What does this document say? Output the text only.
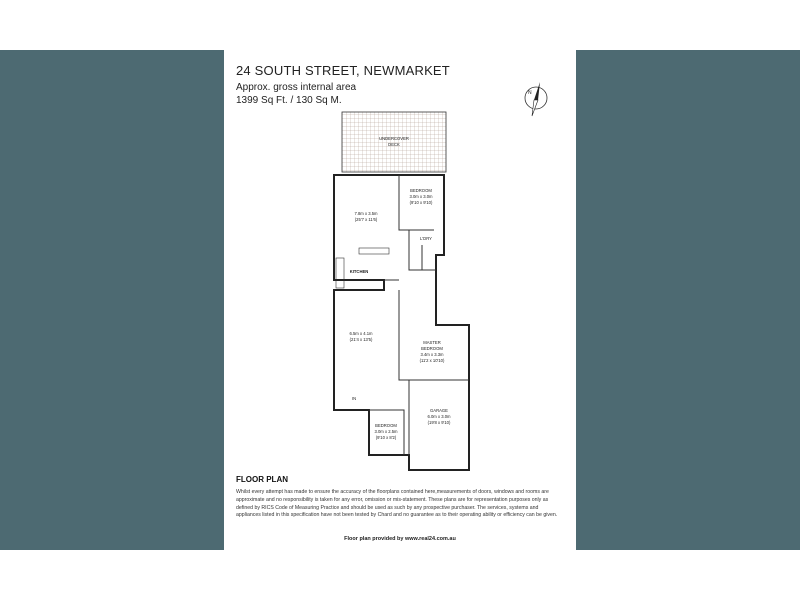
24 SOUTH STREET, NEWMARKET
Approx. gross internal area
1399 Sq Ft. / 130 Sq M.
N
UNDERCOVER
DECK
BEDROOM
3.0m x 3.0m
(9'10 x 9'10)
7.8m x 3.5m
(25'7 x 11'6)
L'DRY
KITCHEN
6.5m x 4.1m
(21'4 x 13'5)
MASTER
BEDROOM
3.4m x 3.3m
(11'2 x 10'10)
IN
BEDROOM
3.0m x 2.5m
(9'10 x 8'2)
GARAGE
6.0m x 3.0m
(19'8 x 9'10)
FLOOR PLAN
Whilst every attempt has made to ensure the accuracy of the floorplans contained here,measurements of doors, windows and rooms are approximate and no responsibility is taken for any error, omission or mis-statement. These plans are for representation purposes only as defined by RICS Code of Measuring Practice and should be used as such by any prospective purchaser. The services, systems and appliances listed in this specification have not been tested by Chard and no guarantee as to their operating ability or efficiency can be given.
Floor plan provided by www.real24.com.au
